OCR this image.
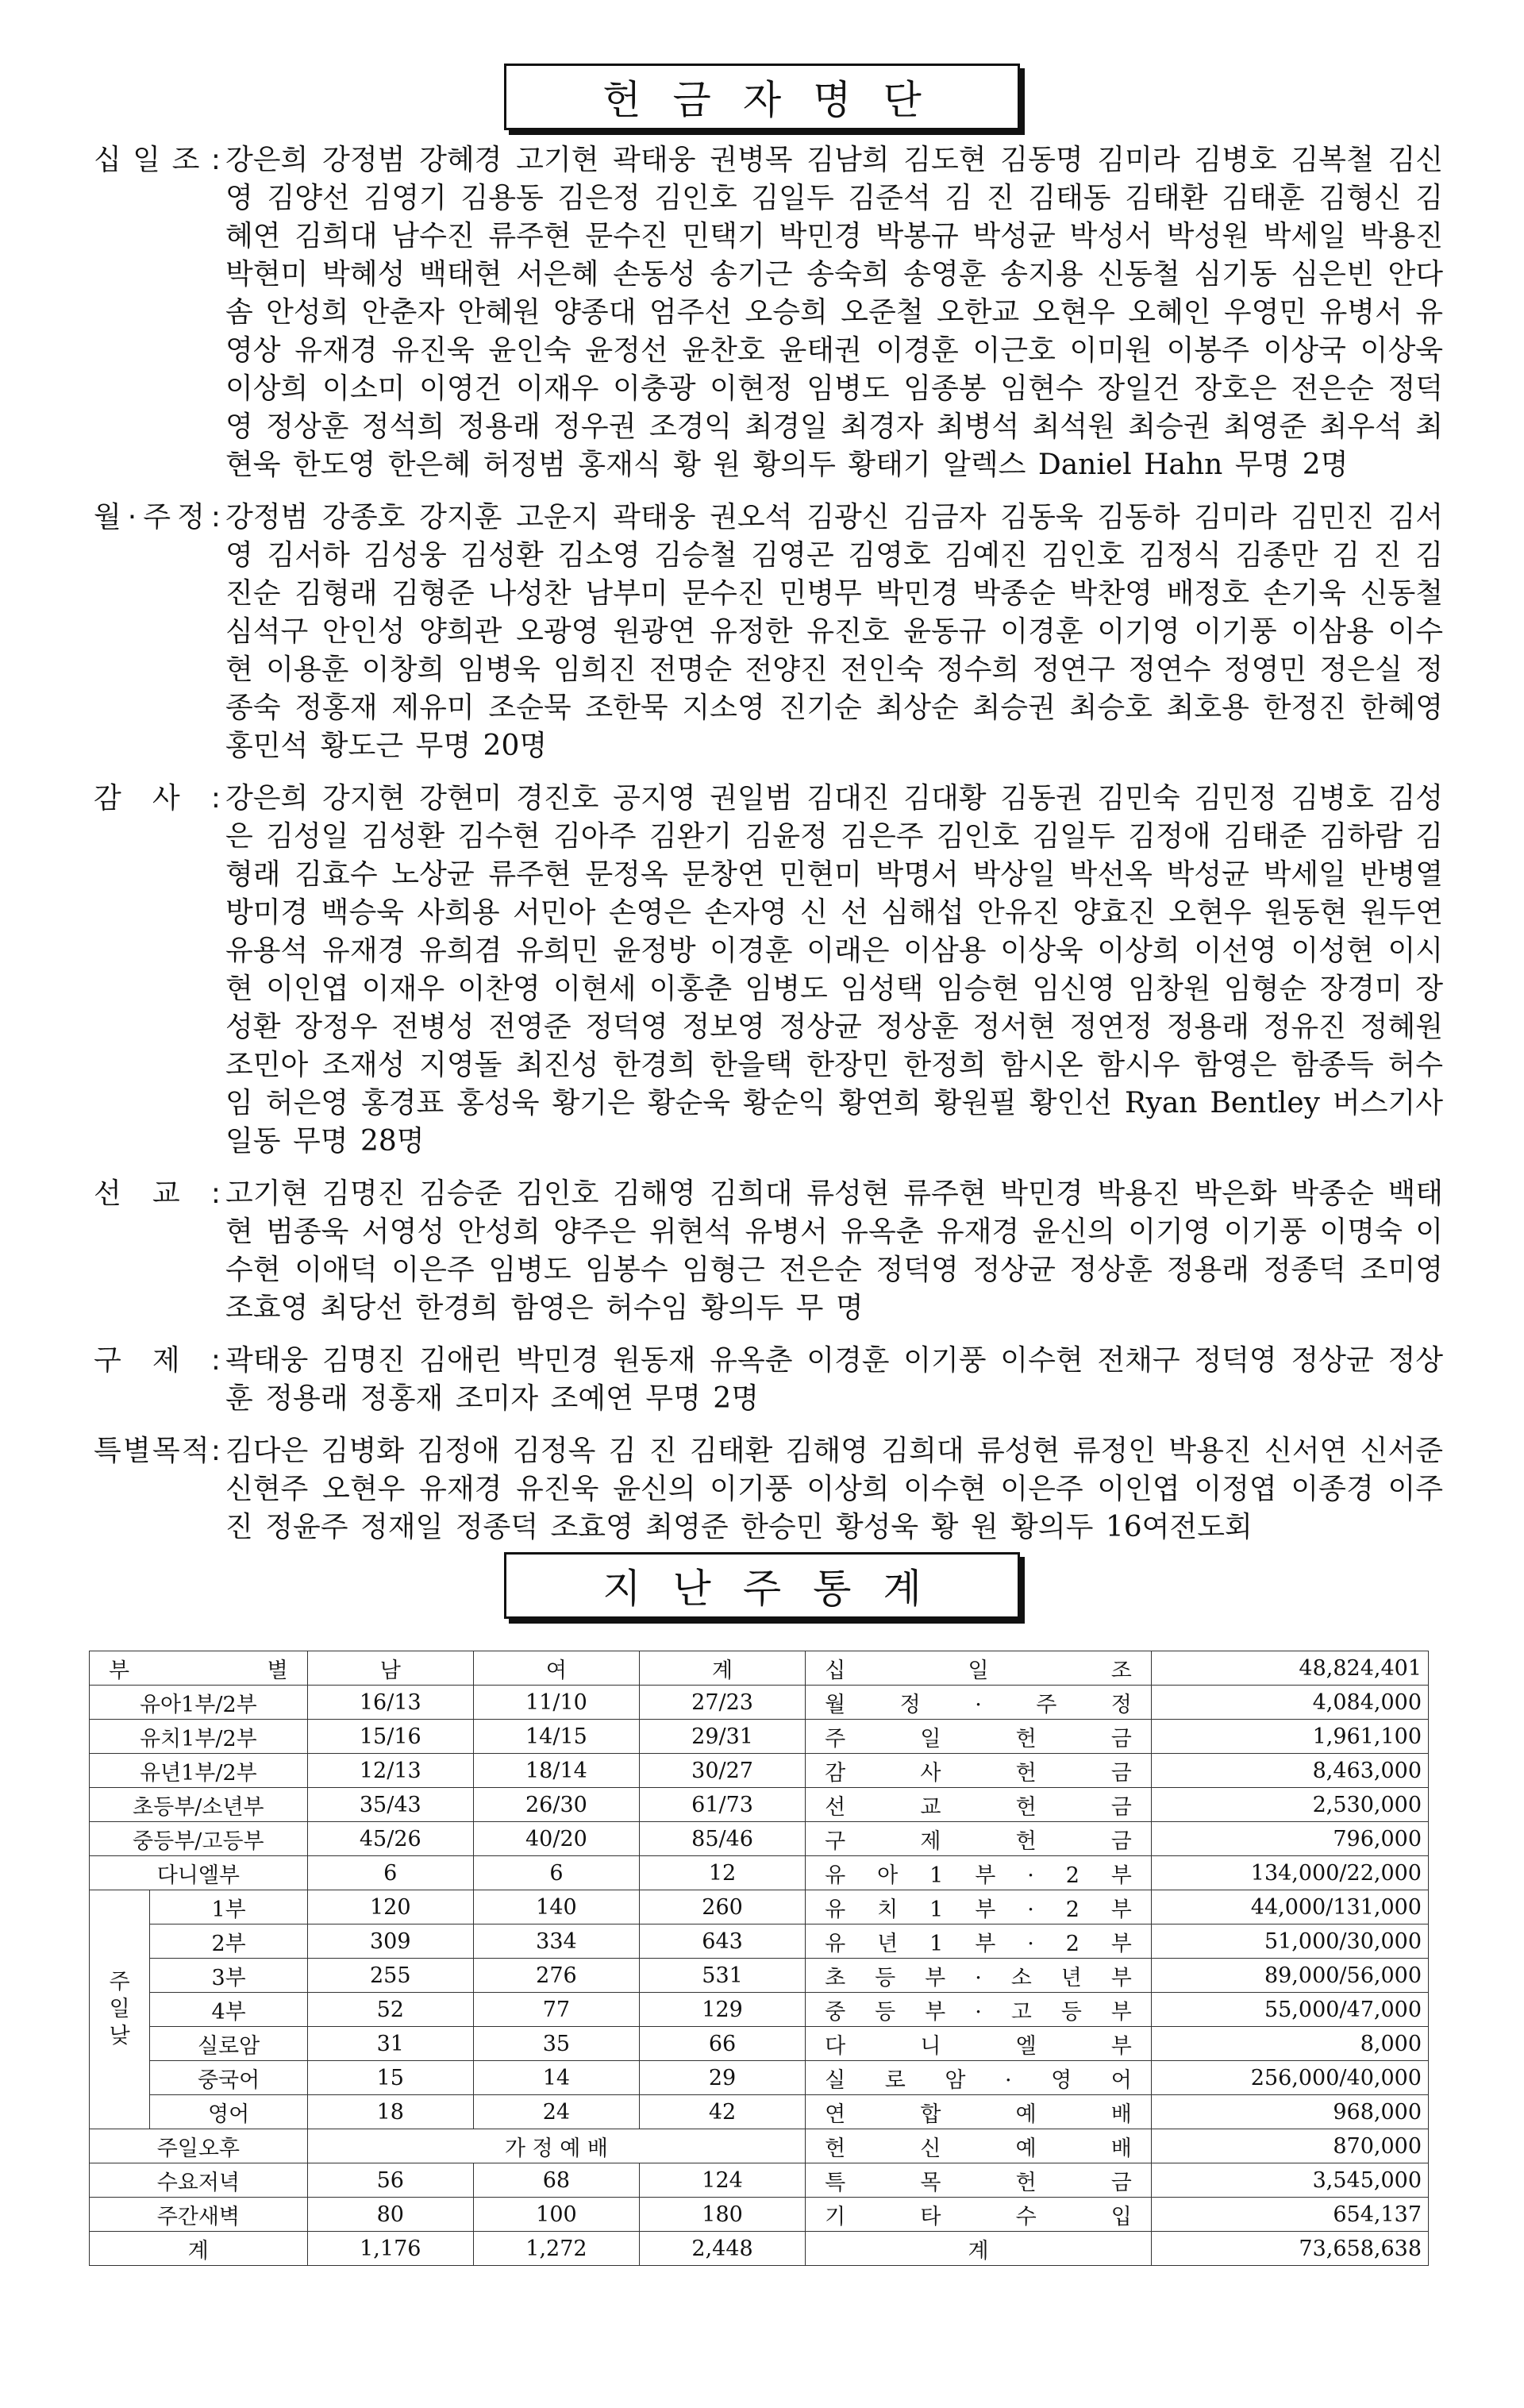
헌금자명단
십 일 조 : 강은희 강정범 강혜경 고기현 곽태웅 권병목 김남희 김도현 김동명 김미라 김병호 김복철 김신영 김양선 김영기 김용동 김은정 김인호 김일두 김준석 김 진 김태동 김태환 김태훈 김형신 김혜연 김희대 남수진 류주현 문수진 민택기 박민경 박봉규 박성균 박성서 박성원 박세일 박용진 박현미 박혜성 백태현 서은혜 손동성 송기근 송숙희 송영훈 송지용 신동철 심기동 심은빈 안다솜 안성희 안춘자 안혜원 양종대 엄주선 오승희 오준철 오한교 오현우 오혜인 우영민 유병서 유영상 유재경 유진욱 윤인숙 윤정선 윤찬호 윤태권 이경훈 이근호 이미원 이봉주 이상국 이상욱 이상희 이소미 이영건 이재우 이충광 이현정 임병도 임종봉 임현수 장일건 장호은 전은순 정덕영 정상훈 정석희 정용래 정우권 조경익 최경일 최경자 최병석 최석원 최승권 최영준 최우석 최현욱 한도영 한은혜 허정범 홍재식 황 원 황의두 황태기 알렉스 Daniel Hahn 무명 2명
월 · 주 정 : 강정범 강종호 강지훈 고운지 곽태웅 권오석 김광신 김금자 김동욱 김동하 김미라 김민진 김서영 김서하 김성웅 김성환 김소영 김승철 김영곤 김영호 김예진 김인호 김정식 김종만 김 진 김진순 김형래 김형준 나성찬 남부미 문수진 민병무 박민경 박종순 박찬영 배정호 손기욱 신동철 심석구 안인성 양희관 오광영 원광연 유정한 유진호 윤동규 이경훈 이기영 이기풍 이삼용 이수현 이용훈 이창희 임병욱 임희진 전명순 전양진 전인숙 정수희 정연구 정연수 정영민 정은실 정종숙 정홍재 제유미 조순묵 조한묵 지소영 진기순 최상순 최승권 최승호 최호용 한정진 한혜영 홍민석 황도근 무명 20명
감 사 : 강은희 강지현 강현미 경진호 공지영 권일범 김대진 김대황 김동권 김민숙 김민정 김병호 김성은 김성일 김성환 김수현 김아주 김완기 김윤정 김은주 김인호 김일두 김정애 김태준 김하람 김형래 김효수 노상균 류주현 문정옥 문창연 민현미 박명서 박상일 박선옥 박성균 박세일 반병열 방미경 백승욱 사희용 서민아 손영은 손자영 신 선 심해섭 안유진 양효진 오현우 원동현 원두연 유용석 유재경 유희겸 유희민 윤정방 이경훈 이래은 이삼용 이상욱 이상희 이선영 이성현 이시현 이인엽 이재우 이찬영 이현세 이홍춘 임병도 임성택 임승현 임신영 임창원 임형순 장경미 장성환 장정우 전병성 전영준 정덕영 정보영 정상균 정상훈 정서현 정연정 정용래 정유진 정혜원 조민아 조재성 지영돌 최진성 한경희 한을택 한장민 한정희 함시온 함시우 함영은 함종득 허수임 허은영 홍경표 홍성욱 황기은 황순욱 황순익 황연희 황원필 황인선 Ryan Bentley 버스기사일동 무명 28명
선 교 : 고기현 김명진 김승준 김인호 김해영 김희대 류성현 류주현 박민경 박용진 박은화 박종순 백태현 범종욱 서영성 안성희 양주은 위현석 유병서 유옥춘 유재경 윤신의 이기영 이기풍 이명숙 이수현 이애덕 이은주 임병도 임봉수 임형근 전은순 정덕영 정상균 정상훈 정용래 정종덕 조미영 조효영 최당선 한경희 함영은 허수임 황의두 무 명
구 제 : 곽태웅 김명진 김애린 박민경 원동재 유옥춘 이경훈 이기풍 이수현 전채구 정덕영 정상균 정상훈 정용래 정홍재 조미자 조예연 무명 2명
특 별 목 적 : 김다은 김병화 김정애 김정옥 김 진 김태환 김해영 김희대 류성현 류정인 박용진 신서연 신서준 신현주 오현우 유재경 유진욱 윤신의 이기풍 이상희 이수현 이은주 이인엽 이정엽 이종경 이주진 정윤주 정재일 정종덕 조효영 최영준 한승민 황성욱 황 원 황의두 16여전도회
지난주통계
부 별		남	여	계	십 일 조	48,824,401
유아1부/2부		16/13	11/10	27/23	월 정 · 주 정	4,084,000
유치1부/2부		15/16	14/15	29/31	주 일 헌 금	1,961,100
유년1부/2부		12/13	18/14	30/27	감 사 헌 금	8,463,000
초등부/소년부		35/43	26/30	61/73	선 교 헌 금	2,530,000
중등부/고등부		45/26	40/20	85/46	구 제 헌 금	796,000
다니엘부		6	6	12	유 아 1 부 · 2 부	134,000/22,000
주
일
낮	1부	120	140	260	유 치 1 부 · 2 부	44,000/131,000
	2부	309	334	643	유 년 1 부 · 2 부	51,000/30,000
	3부	255	276	531	초 등 부 · 소 년 부	89,000/56,000
	4부	52	77	129	중 등 부 · 고 등 부	55,000/47,000
	실로암	31	35	66	다 니 엘 부	8,000
	중국어	15	14	29	실 로 암 · 영 어	256,000/40,000
	영어	18	24	42	연 합 예 배	968,000
주일오후		가 정 예 배			헌 신 예 배	870,000
수요저녁		56	68	124	특 목 헌 금	3,545,000
주간새벽		80	100	180	기 타 수 입	654,137
계		1,176	1,272	2,448	계	73,658,638
